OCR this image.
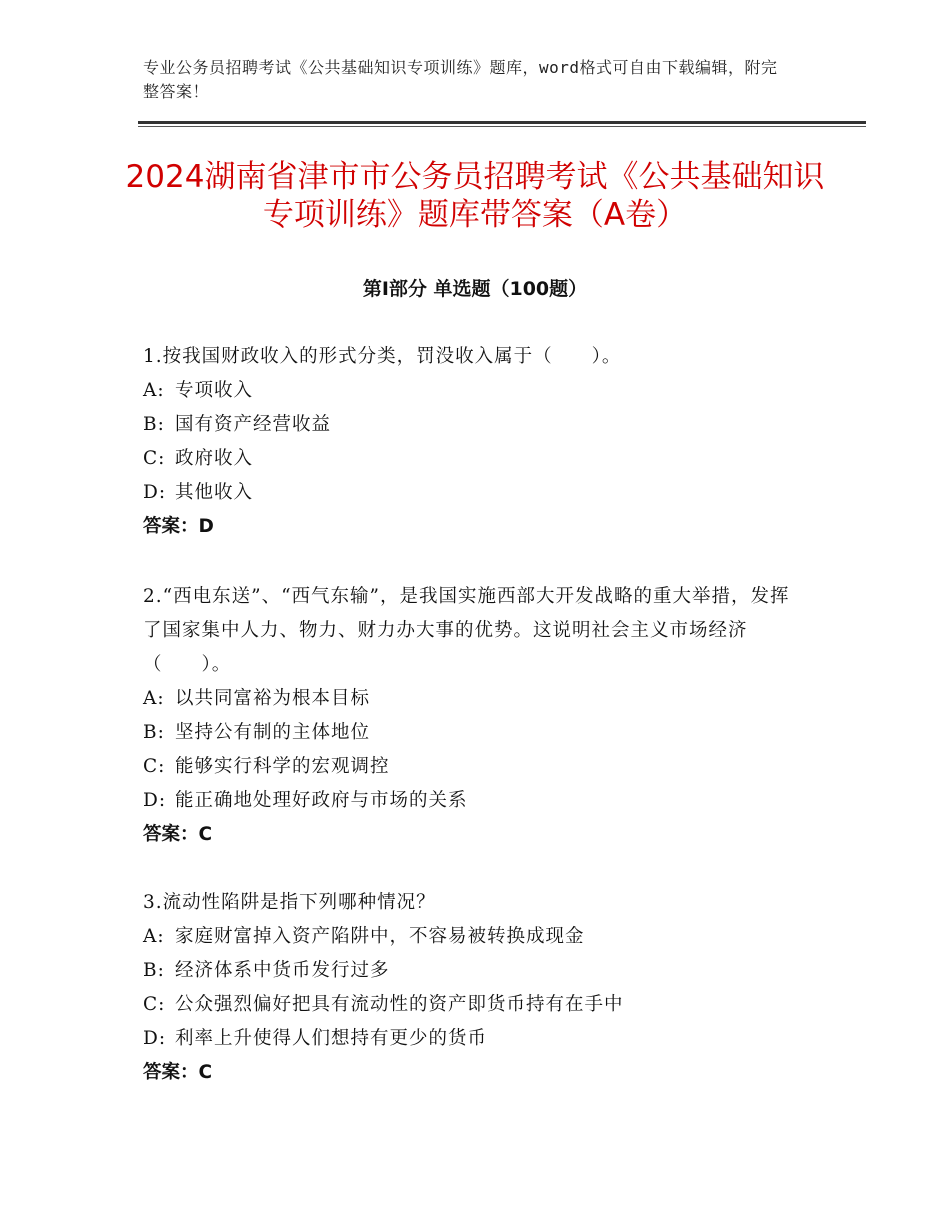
专业公务员招聘考试《公共基础知识专项训练》题库，word格式可自由下载编辑，附完整答案！
2024湖南省津市市公务员招聘考试《公共基础知识专项训练》题库带答案（A卷）
第Ⅰ部分 单选题（100题）
1.按我国财政收入的形式分类，罚没收入属于（　　）。
A: 专项收入
B: 国有资产经营收益
C: 政府收入
D: 其他收入
答案：D
2.“西电东送”、“西气东输”，是我国实施西部大开发战略的重大举措，发挥了国家集中人力、物力、财力办大事的优势。这说明社会主义市场经济（　　）。
A: 以共同富裕为根本目标
B: 坚持公有制的主体地位
C: 能够实行科学的宏观调控
D: 能正确地处理好政府与市场的关系
答案：C
3.流动性陷阱是指下列哪种情况？
A: 家庭财富掉入资产陷阱中，不容易被转换成现金
B: 经济体系中货币发行过多
C: 公众强烈偏好把具有流动性的资产即货币持有在手中
D: 利率上升使得人们想持有更少的货币
答案：C
